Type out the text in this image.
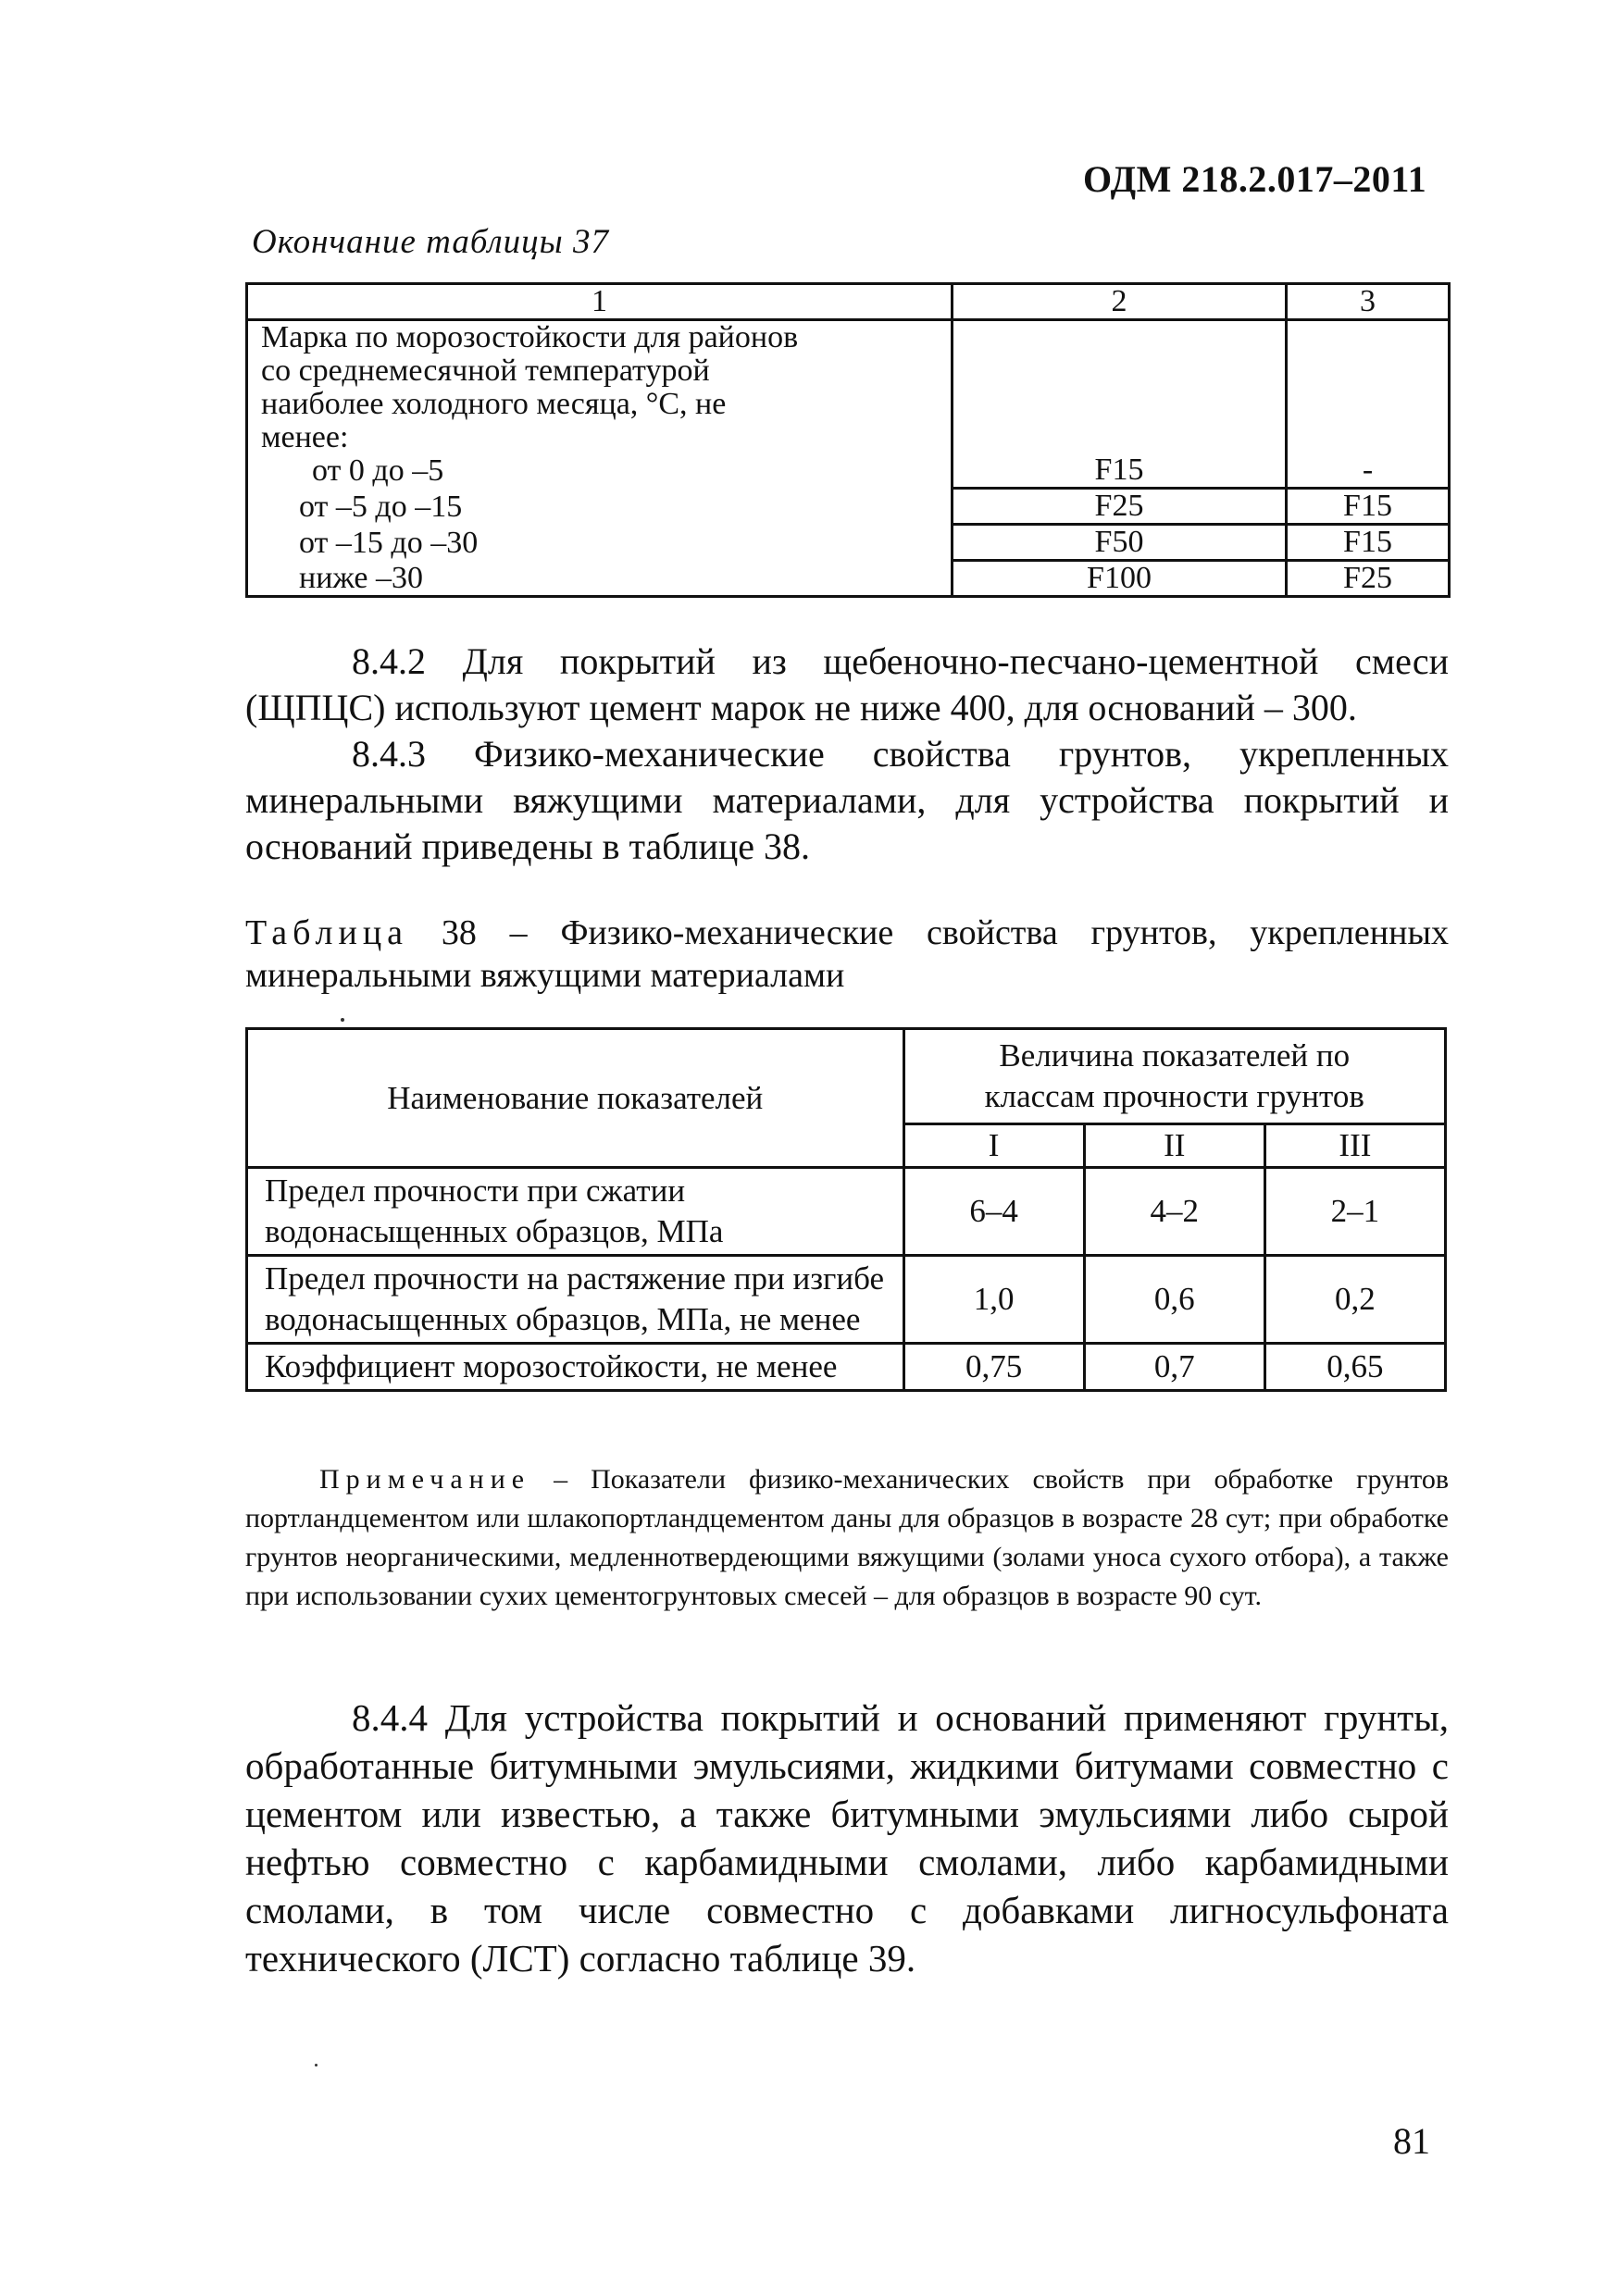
ОДМ 218.2.017–2011
Окончание таблицы 37
1	2	3

Марка по морозостойкости для районов
со среднемесячной температурой
наиболее холодного месяца, °С, не
менее:
от 0 до –5	F15	-
от –5 до –15	F25	F15
от –15 до –30	F50	F15
ниже –30	F100	F25
8.4.2 Для покрытий из щебеночно-песчано-цементной смеси (ЩПЦС) используют цемент марок не ниже 400, для оснований – 300.
8.4.3 Физико-механические свойства грунтов, укрепленных минеральными вяжущими материалами, для устройства покрытий и оснований приведены в таблице 38.
Таблица 38 – Физико-механические свойства грунтов, укрепленных минеральными вяжущими материалами
Наименование показателей	Величина показателей по классам прочности грунтов		
	I	II	III
Предел прочности при сжатии водонасыщенных образцов, МПа	6–4	4–2	2–1
Предел прочности на растяжение при изгибе водонасыщенных образцов, МПа, не менее	1,0	0,6	0,2
Коэффициент морозостойкости, не менее	0,75	0,7	0,65
Примечание – Показатели физико-механических свойств при обработке грунтов портландцементом или шлакопортландцементом даны для образцов в возрасте 28 сут; при обработке грунтов неорганическими, медленнотвердеющими вяжущими (золами уноса сухого отбора), а также при использовании сухих цементогрунтовых смесей – для образцов в возрасте 90 сут.
8.4.4 Для устройства покрытий и оснований применяют грунты, обработанные битумными эмульсиями, жидкими битумами совместно с цементом или известью, а также битумными эмульсиями либо сырой нефтью совместно с карбамидными смолами, либо карбамидными смолами, в том числе совместно с добавками лигносульфоната технического (ЛСТ) согласно таблице 39.
81
